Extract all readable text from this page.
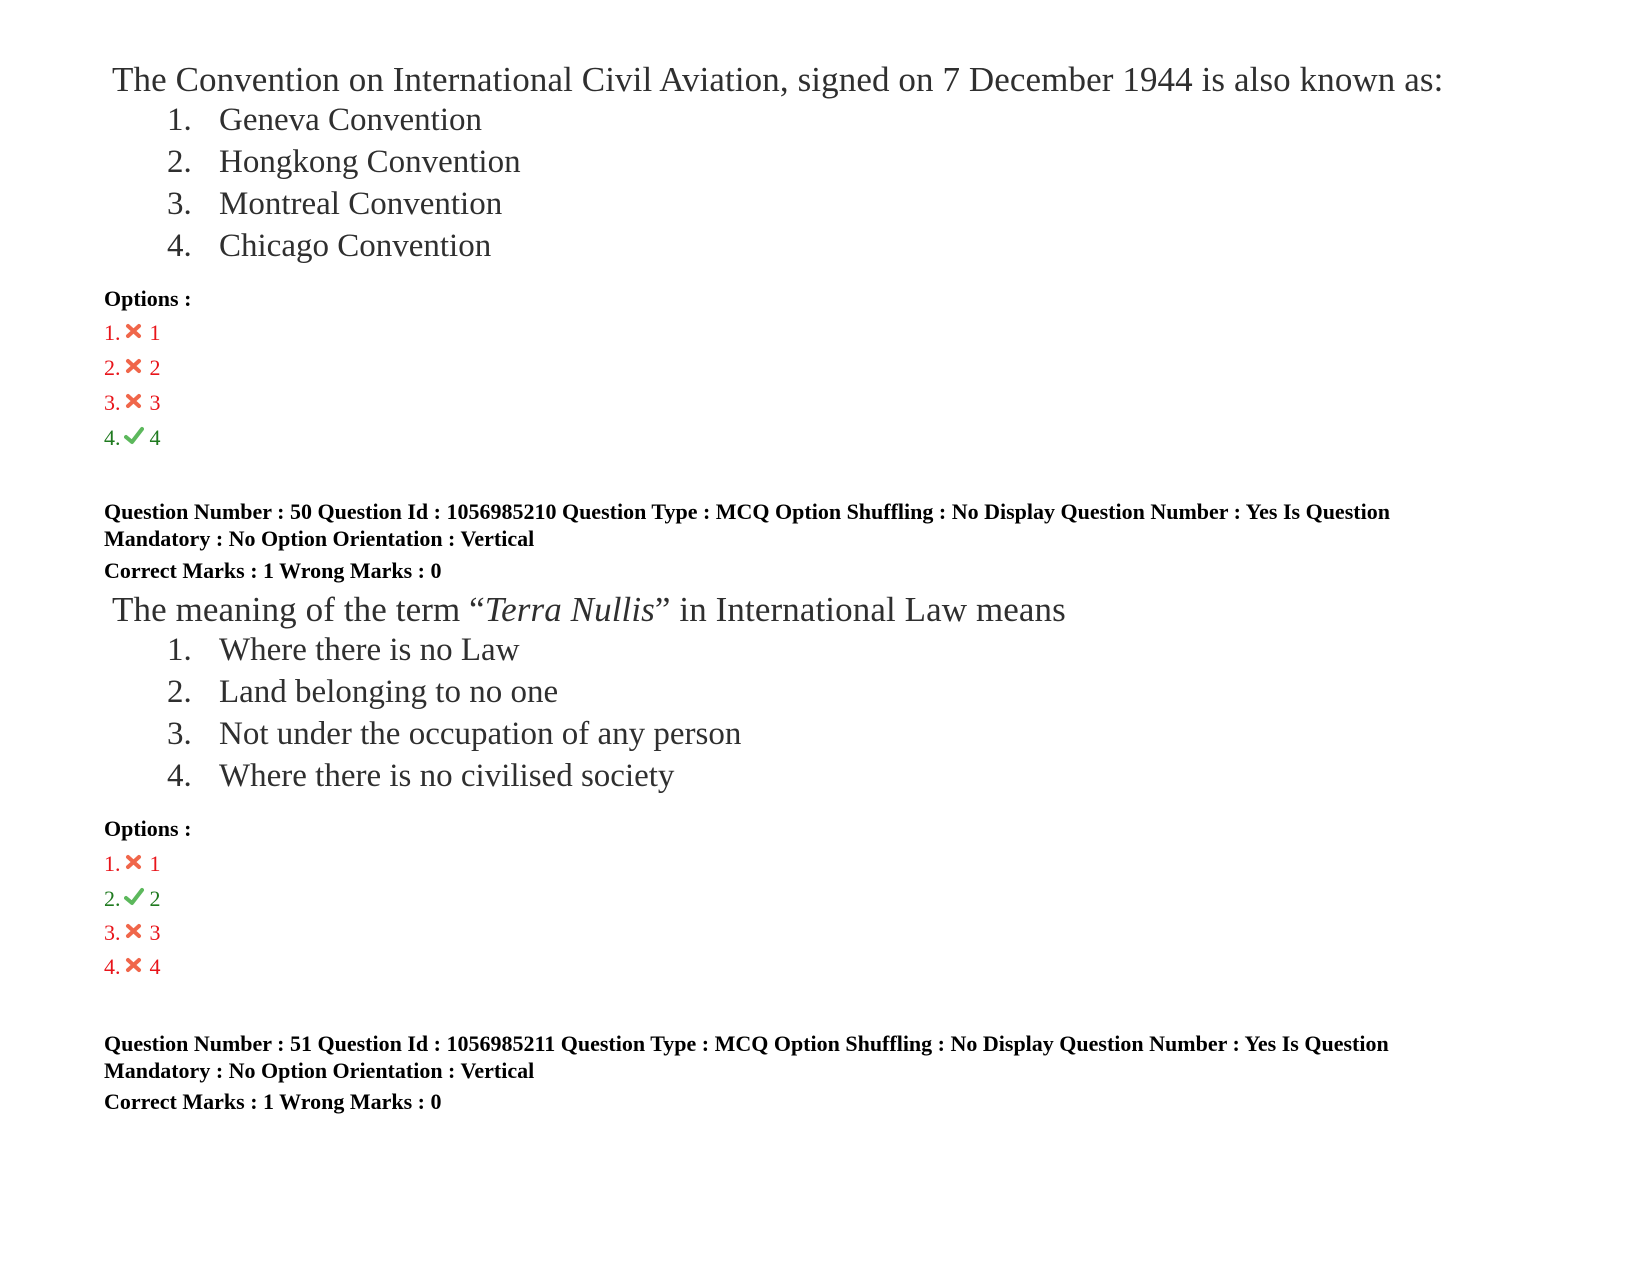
The Convention on International Civil Aviation, signed on 7 December 1944 is also known as:
1. Geneva Convention
2. Hongkong Convention
3. Montreal Convention
4. Chicago Convention
Options :
1. 1
2. 2
3. 3
4. 4
Question Number : 50 Question Id : 1056985210 Question Type : MCQ Option Shuffling : No Display Question Number : Yes Is Question
Mandatory : No Option Orientation : Vertical
Correct Marks : 1 Wrong Marks : 0
The meaning of the term “Terra Nullis” in International Law means
1. Where there is no Law
2. Land belonging to no one
3. Not under the occupation of any person
4. Where there is no civilised society
Options :
1. 1
2. 2
3. 3
4. 4
Question Number : 51 Question Id : 1056985211 Question Type : MCQ Option Shuffling : No Display Question Number : Yes Is Question
Mandatory : No Option Orientation : Vertical
Correct Marks : 1 Wrong Marks : 0
